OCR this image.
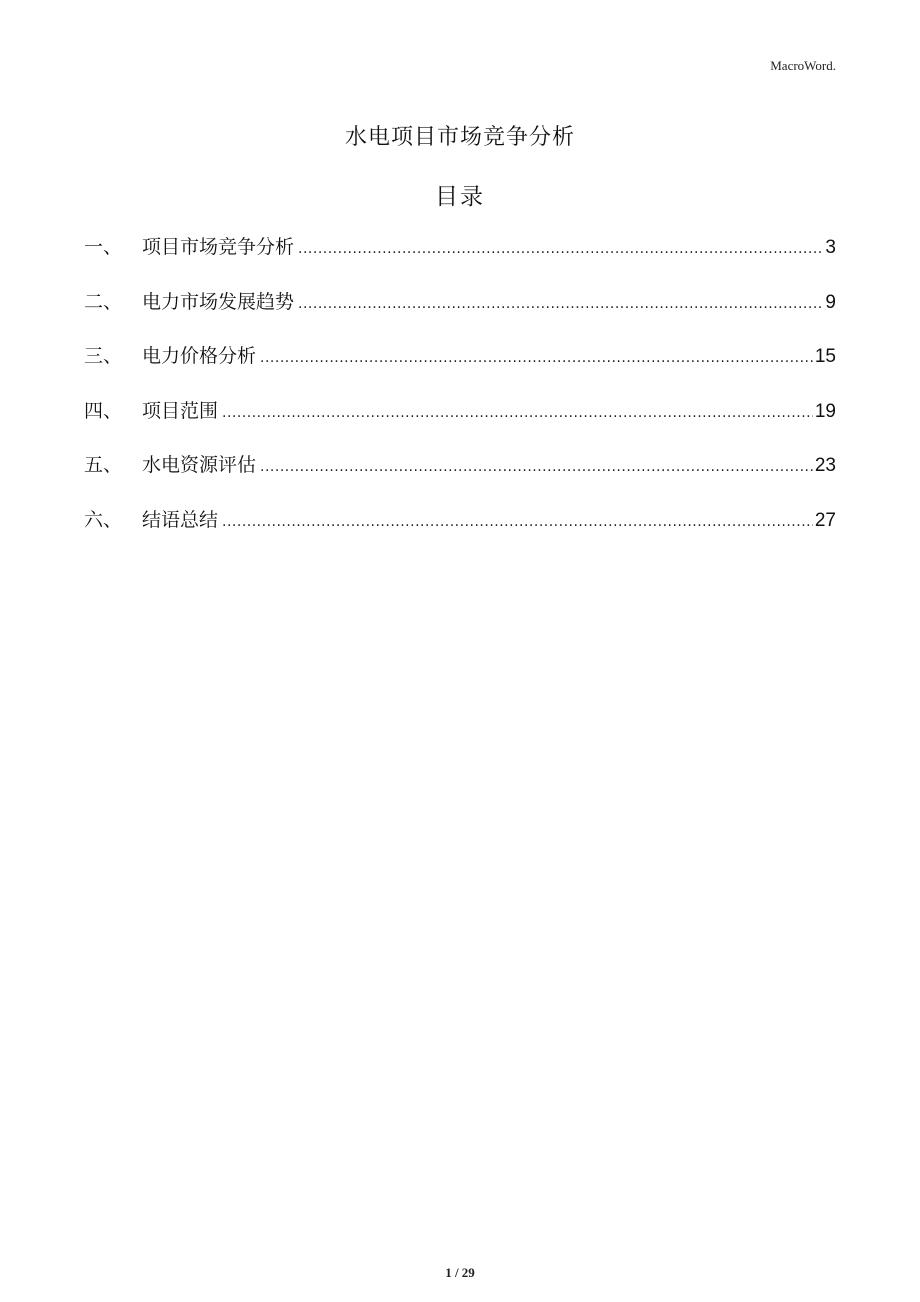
MacroWord.
水电项目市场竞争分析
目录
一、	项目市场竞争分析 .....	3
二、	电力市场发展趋势 .....	9
三、	电力价格分析 .....	15
四、	项目范围 .....	19
五、	水电资源评估 .....	23
六、	结语总结 .....	27
1 / 29
